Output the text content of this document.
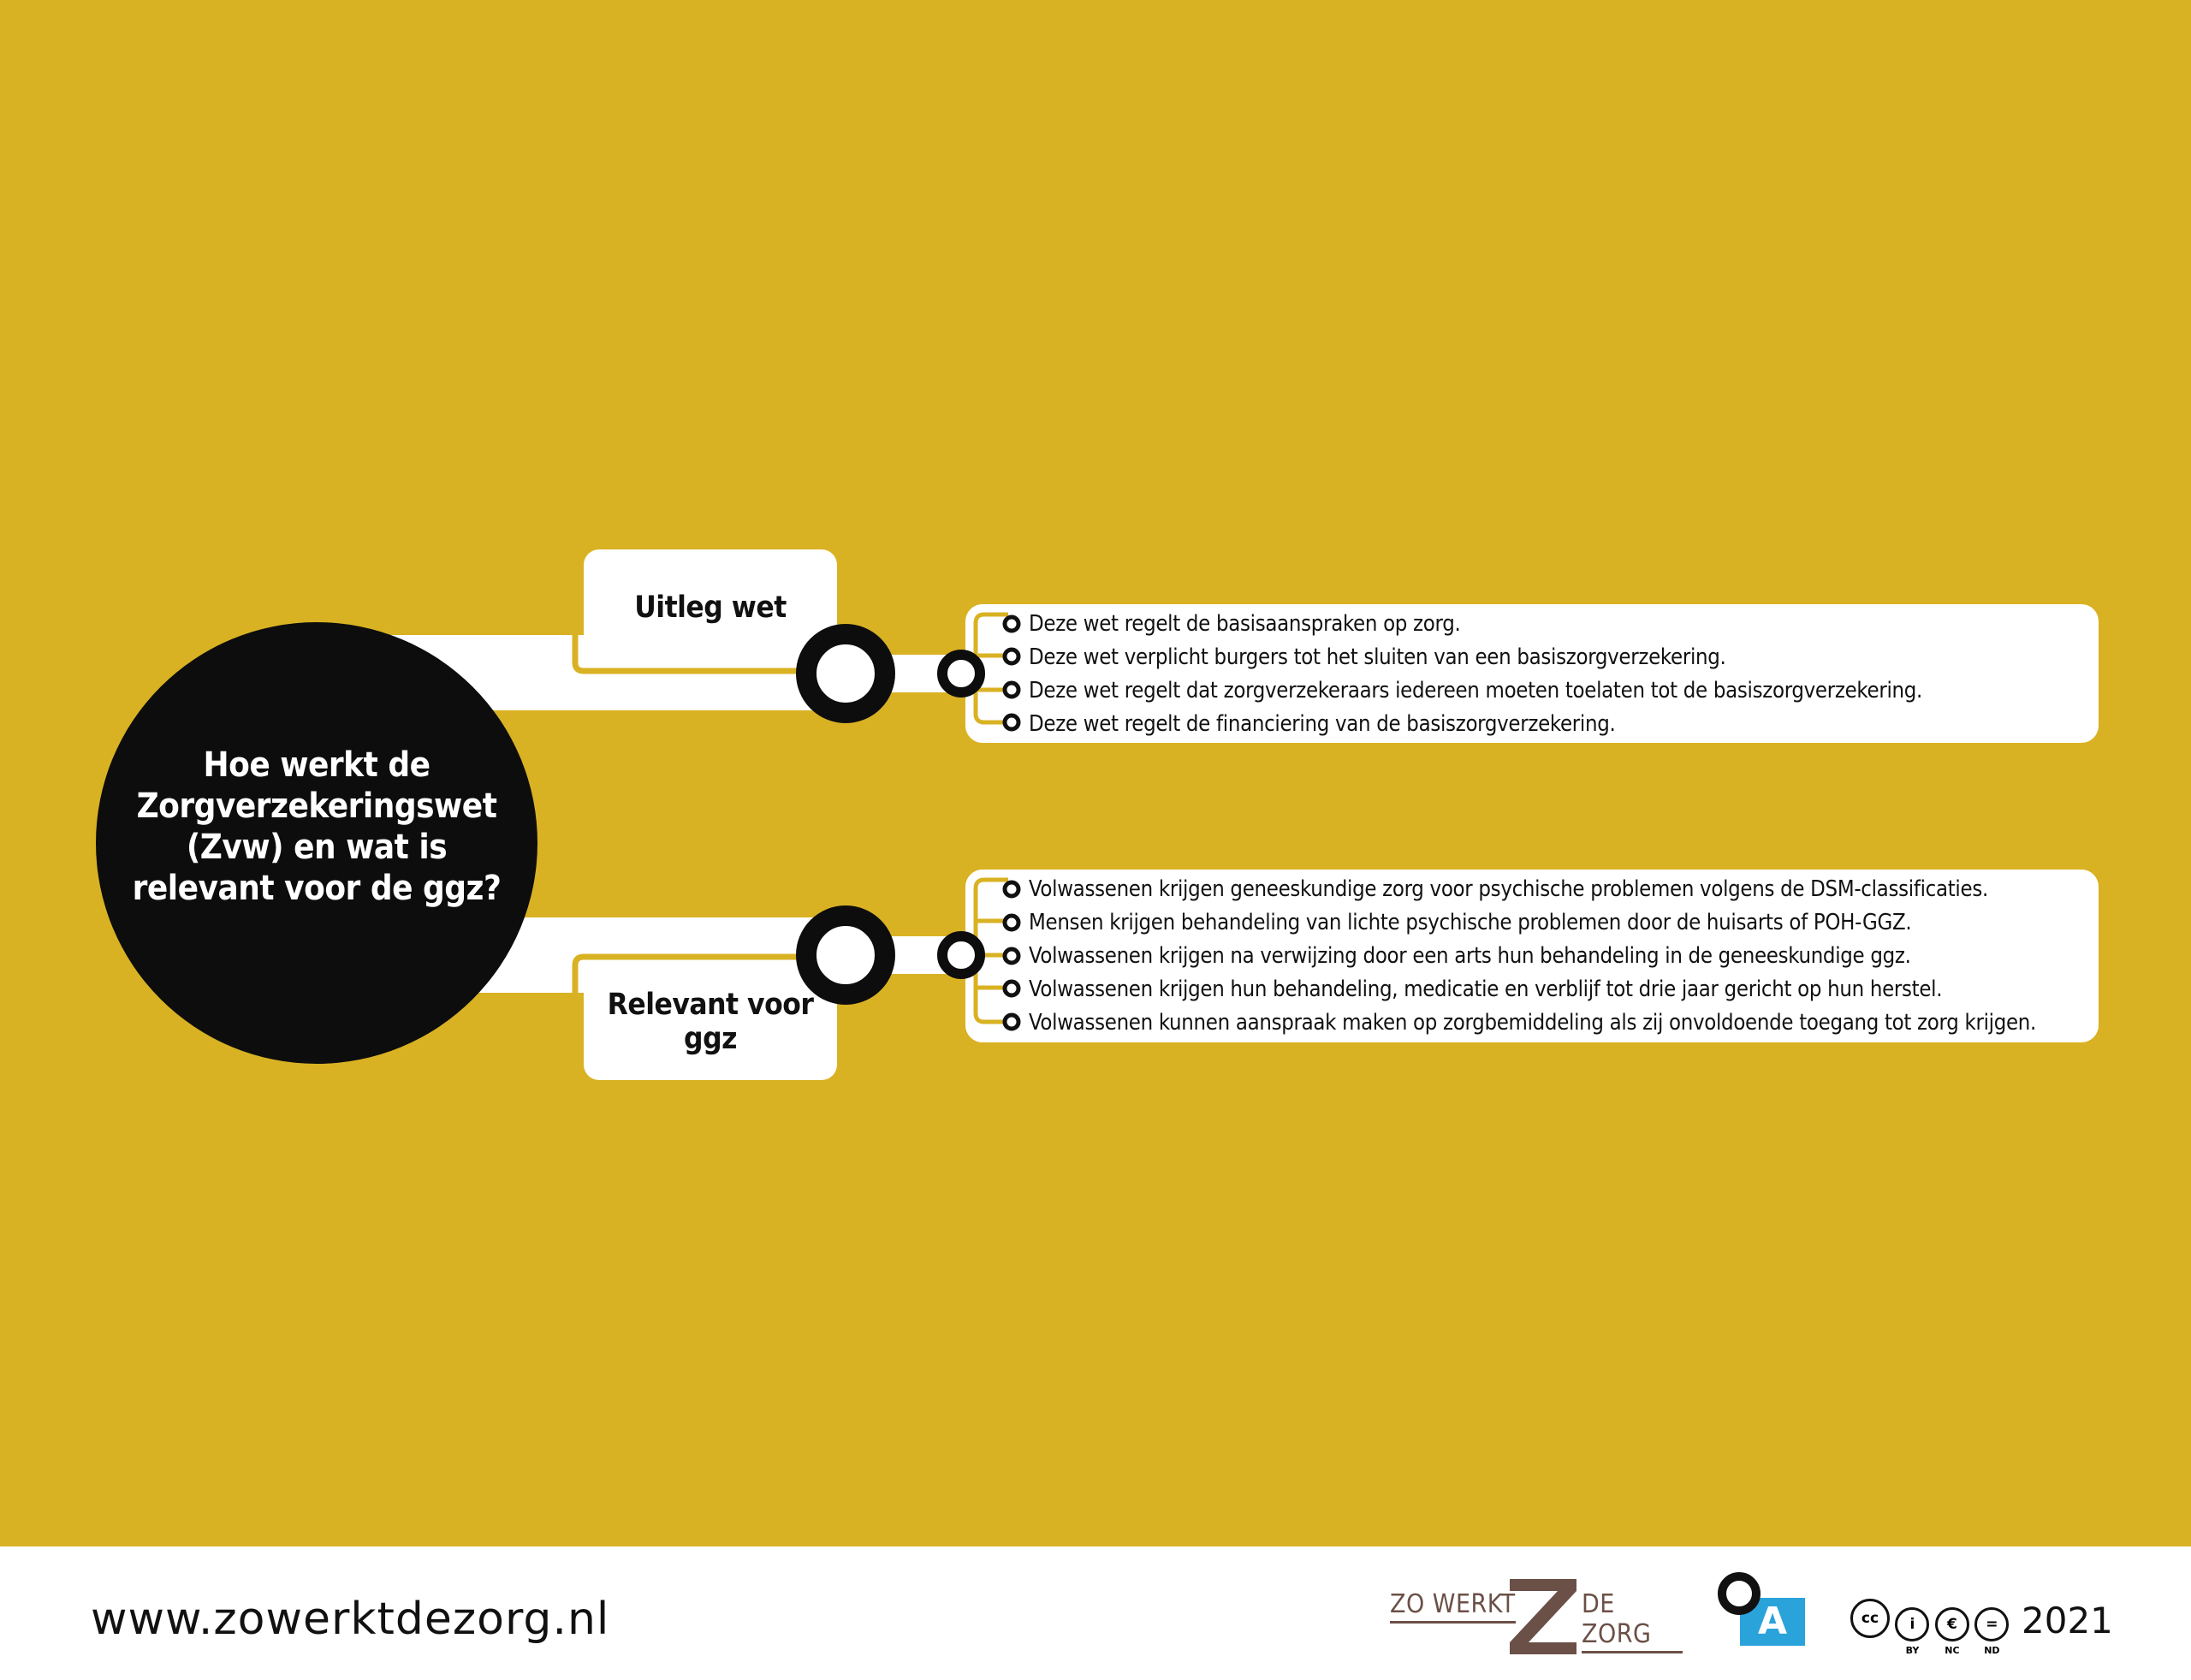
Hoe werkt de Zorgverzekeringswet (Zvw) en wat is relevant voor de ggz?
Uitleg wet
Relevant voor ggz
Deze wet regelt de basisaanspraken op zorg.
Deze wet verplicht burgers tot het sluiten van een basiszorgverzekering.
Deze wet regelt dat zorgverzekeraars iedereen moeten toelaten tot de basiszorgverzekering.
Deze wet regelt de financiering van de basiszorgverzekering.
Volwassenen krijgen geneeskundige zorg voor psychische problemen volgens de DSM-classificaties.
Mensen krijgen behandeling van lichte psychische problemen door de huisarts of POH-GGZ.
Volwassenen krijgen na verwijzing door een arts hun behandeling in de geneeskundige ggz.
Volwassenen krijgen hun behandeling, medicatie en verblijf tot drie jaar gericht op hun herstel.
Volwassenen kunnen aanspraak maken op zorgbemiddeling als zij onvoldoende toegang tot zorg krijgen.
www.zowerktdezorg.nl	ZO WERKT	DE ZORG	A	cc
	i
BY

€
NC

=
ND
2021
